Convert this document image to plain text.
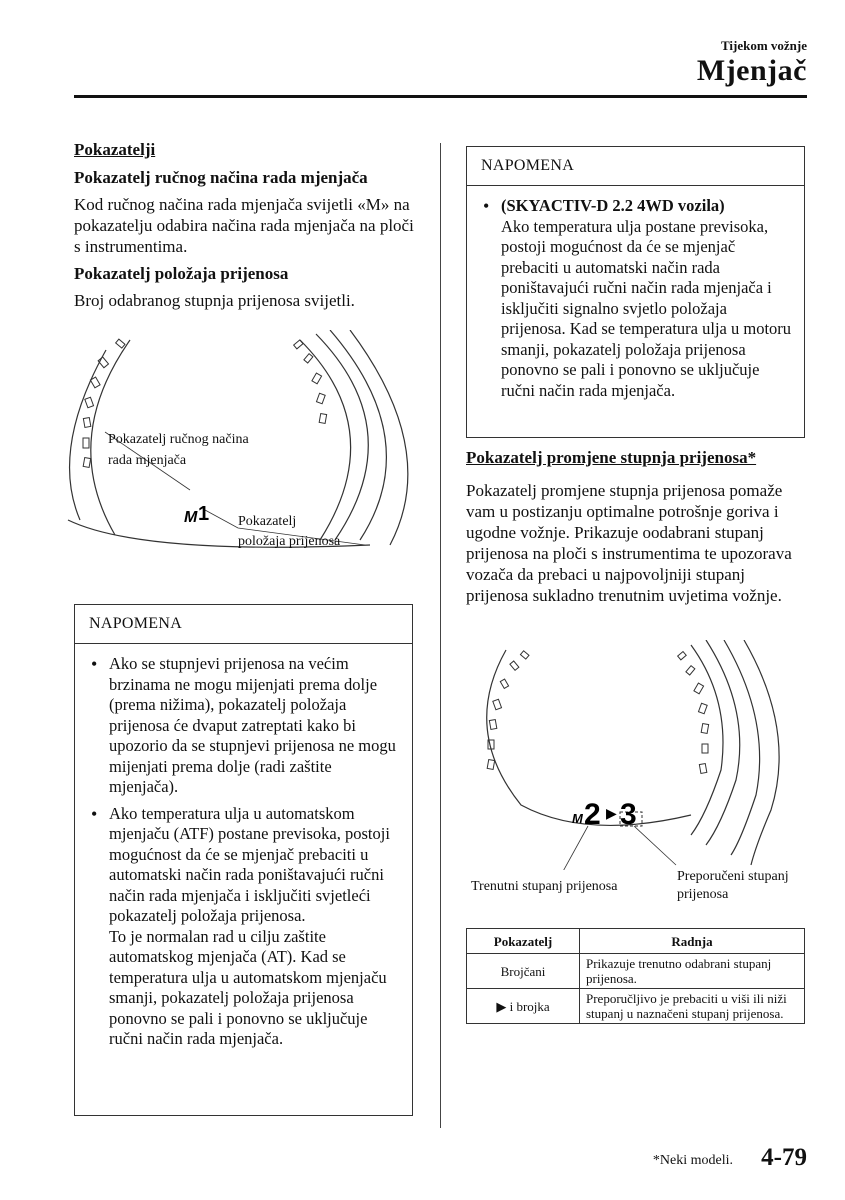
Tijekom vožnje
Mjenjač
Pokazatelji
Pokazatelj ručnog načina rada mjenjača
Kod ručnog načina rada mjenjača svijetli «M» na pokazatelju odabira načina rada mjenjača na ploči s instrumentima.
Pokazatelj položaja prijenosa
Broj odabranog stupnja prijenosa svijetli.
M 1
Pokazatelj ručnog načina
rada mjenjača
Pokazatelj
položaja prijenosa
NAPOMENA
• Ako se stupnjevi prijenosa na većim brzinama ne mogu mijenjati prema dolje (prema nižima), pokazatelj položaja prijenosa će dvaput zatreptati kako bi upozorio da se stupnjevi prijenosa ne mogu mijenjati prema dolje (radi zaštite mjenjača).
• Ako temperatura ulja u automatskom mjenjaču (ATF) postane previsoka, postoji mogućnost da će se mjenjač prebaciti u automatski način rada poništavajući ručni način rada mjenjača i isključiti svjetleći pokazatelj položaja prijenosa.
To je normalan rad u cilju zaštite automatskog mjenjača (AT). Kad se temperatura ulja u automatskom mjenjaču smanji, pokazatelj položaja prijenosa ponovno se pali i ponovno se uključuje ručni način rada mjenjača.
NAPOMENA
• (SKYACTIV-D 2.2 4WD vozila)
Ako temperatura ulja postane previsoka, postoji mogućnost da će se mjenjač prebaciti u automatski način rada poništavajući ručni način rada mjenjača i isključiti signalno svjetlo položaja prijenosa. Kad se temperatura ulja u motoru smanji, pokazatelj položaja prijenosa ponovno se pali i ponovno se uključuje ručni način rada mjenjača.
Pokazatelj promjene stupnja prijenosa*
Pokazatelj promjene stupnja prijenosa pomaže vam u postizanju optimalne potrošnje goriva i ugodne vožnje. Prikazuje oodabrani stupanj prijenosa na ploči s instrumentima te upozorava vozača da prebaci u najpovoljniji stupanj prijenosa sukladno trenutnim uvjetima vožnje.
M 2 ▶ 3
Trenutni stupanj prijenosa
Preporučeni stupanj
prijenosa
Pokazatelj	Radnja
Brojčani	Prikazuje trenutno odabrani stupanj prijenosa.
▶ i brojka	Preporučljivo je prebaciti u viši ili niži stupanj u naznačeni stupanj prijenosa.
*Neki modeli. 4-79
